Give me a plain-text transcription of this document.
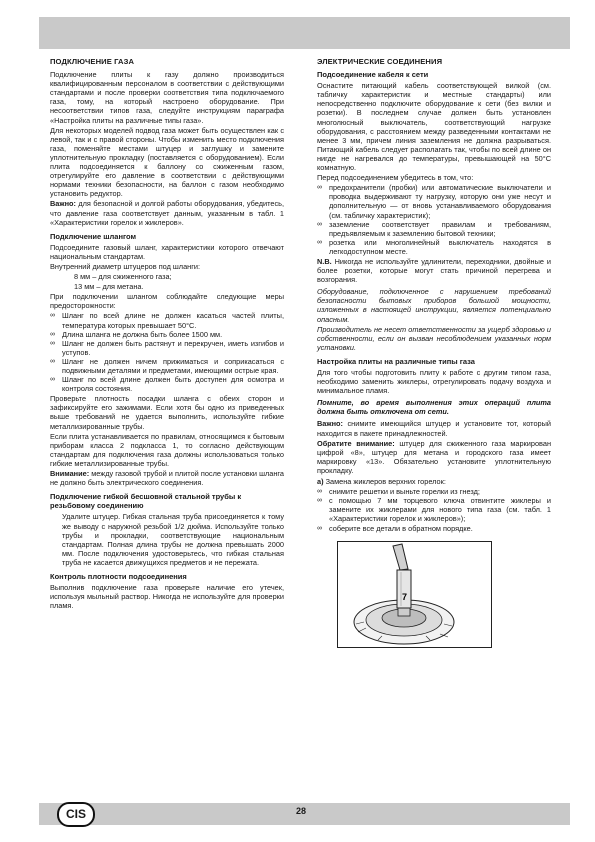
ПОДКЛЮЧЕНИЕ ГАЗА

Подключение плиты к газу должно производиться квалифицированным персоналом в соответствии с действующими стандартами и после проверки соответствия типа подключаемого газа, тому, на который настроено оборудование. При несоответствии типов газа, следуйте инструкциям параграфа «Настройка плиты на различные типы газа».

Для некоторых моделей подвод газа может быть осуществлен как с левой, так и с правой стороны. Чтобы изменить место подключения газа, поменяйте местами штуцер и заглушку и замените уплотнительную прокладку (поставляется с оборудованием). Если плита подсоединяется к баллону со сжиженным газом, отрегулируйте его давление в соответствии с действующими нормами техники безопасности, на баллон с газом необходимо установить редуктор.

Важно: для безопасной и долгой работы оборудования, убедитесь, что давление газа соответствует данным, указанным в табл. 1 «Характеристики горелок и жиклеров».

Подключение шлангом

Подсоедините газовый шланг, характеристики которого отвечают национальным стандартам.

Внутренний диаметр штуцеров под шланги:

8 мм – для сжиженного газа;

13 мм – для метана.

При подключении шлангом соблюдайте следующие меры предосторожности:

∞ Шланг по всей длине не должен касаться частей плиты, температура которых превышает 50°С.
∞ Длина шланга не должна быть более 1500 мм.
∞ Шланг не должен быть растянут и перекручен, иметь изгибов и уступов.
∞ Шланг не должен ничем прижиматься и соприкасаться с подвижными деталями и предметами, имеющими острые края.
∞ Шланг по всей длине должен быть доступен для осмотра и контроля состояния.

Проверьте плотность посадки шланга с обеих сторон и зафиксируйте его зажимами. Если хотя бы одно из приведенных выше требований не удается выполнить, используйте гибкие металлизированные трубы.

Если плита устанавливается по правилам, относящимся к бытовым приборам класса 2 подкласса 1, то согласно действующим стандартам для подключения газа должны использоваться только гибкие металлизированные трубы.

Внимание: между газовой трубой и плитой после установки шланга не должно быть электрического соединения.

Подключение гибкой бесшовной стальной трубы к резьбовому соединению

Удалите штуцер. Гибкая стальная труба присоединяется к тому же выводу с наружной резьбой 1/2 дюйма. Используйте только трубы и прокладки, соответствующие национальным стандартам. Полная длина трубы не должна превышать 2000 мм. После подключения удостоверьтесь, что гибкая стальная труба не касается движущихся предметов и не пережата.

Контроль плотности подсоединения

Выполнив подключение газа проверьте наличие его утечек, используя мыльный раствор. Никогда не используйте для проверки пламя.

ЭЛЕКТРИЧЕСКИЕ СОЕДИНЕНИЯ
Подсоединение кабеля к сети

Оснастите питающий кабель соответствующей вилкой (см. табличку характеристик и местные стандарты) или непосредственно подключите оборудование к сети (без вилки и розетки). В последнем случае должен быть установлен многолюсный выключатель, соответствующий нагрузке оборудования, с расстоянием между разведенными контактами не менее 3 мм, причем линия заземления не должна разрываться. Питающий кабель следует располагать так, чтобы по всей длине он нигде не нагревался до температуры, превышающей на 50°С комнатную.

Перед подсоединением убедитесь в том, что:

∞ предохранители (пробки) или автоматические выключатели и проводка выдерживают ту нагрузку, которую они уже несут и дополнительную — от вновь устанавливаемого оборудования (см. табличку характеристик);
∞ заземление соответствует правилам и требованиям, предъявляемым к заземлению бытовой техники;
∞ розетка или многолинейный выключатель находятся в легкодоступном месте.

N.B. Никогда не используйте удлинители, переходники, двойные и более розетки, которые могут стать причиной перегрева и возгорания.

Оборудование, подключенное с нарушением требований безопасности бытовых приборов большой мощности, изложенных в настоящей инструкции, является потенциально опасным.

Производитель не несет ответственности за ущерб здоровью и собственности, если он вызван несоблюдением указанных норм установки.

Настройка плиты на различные типы газа

Для того чтобы подготовить плиту к работе с другим типом газа, необходимо заменить жиклеры, отрегулировать подачу воздуха и минимальное пламя.

Помните, во время выполнения этих операций плита должна быть отключена от сети.

Важно: снимите имеющийся штуцер и установите тот, который находится в пакете принадлежностей.

Обратите внимание: штуцер для сжиженного газа маркирован цифрой «8», штуцер для метана и городского газа имеет маркировку «13». Обязательно установите уплотнительную прокладку.

a) Замена жиклеров верхних горелок:

∞ снимите решетки и выньте горелки из гнезд;
∞ с помощью 7 мм торцевого ключа отвинтите жиклеры и замените их жиклерами для нового типа газа (см. табл. 1 «Характеристики горелок и жиклеров»);
∞ соберите все детали в обратном порядке.
7
CIS	28
